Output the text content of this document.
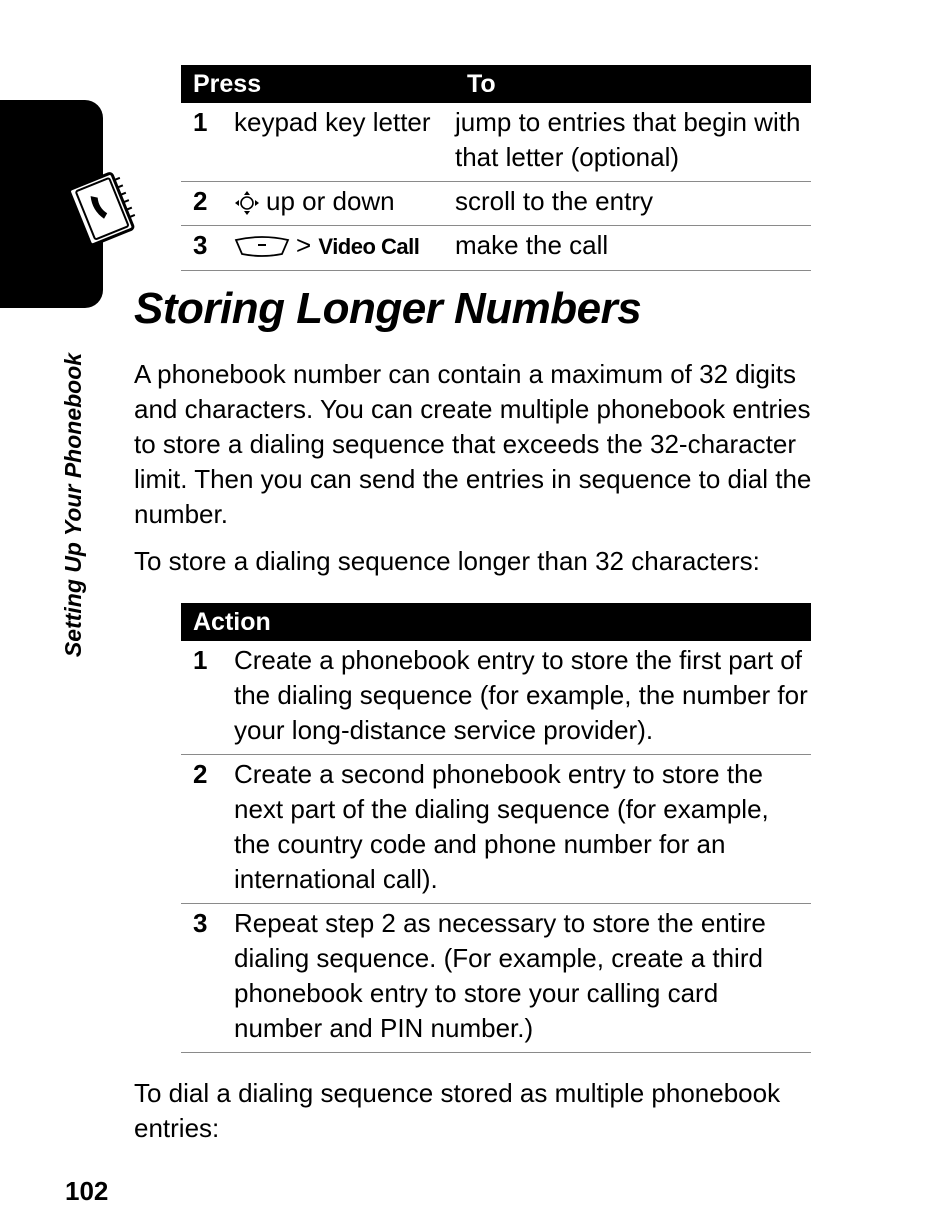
Setting Up Your Phonebook
Press		To
1	keypad key letter	jump to entries that begin with that letter (optional)
2	up or down	scroll to the entry
3	> Video Call	make the call
Storing Longer Numbers

A phonebook number can contain a maximum of 32 digits and characters. You can create multiple phonebook entries to store a dialing sequence that exceeds the 32-character limit. Then you can send the entries in sequence to dial the number.

To store a dialing sequence longer than 32 characters:

Action	
1	Create a phonebook entry to store the first part of the dialing sequence (for example, the number for your long-distance service provider).
2	Create a second phonebook entry to store the next part of the dialing sequence (for example, the country code and phone number for an international call).
3	Repeat step 2 as necessary to store the entire dialing sequence. (For example, create a third phonebook entry to store your calling card number and PIN number.)

To dial a dialing sequence stored as multiple phonebook entries:

102
